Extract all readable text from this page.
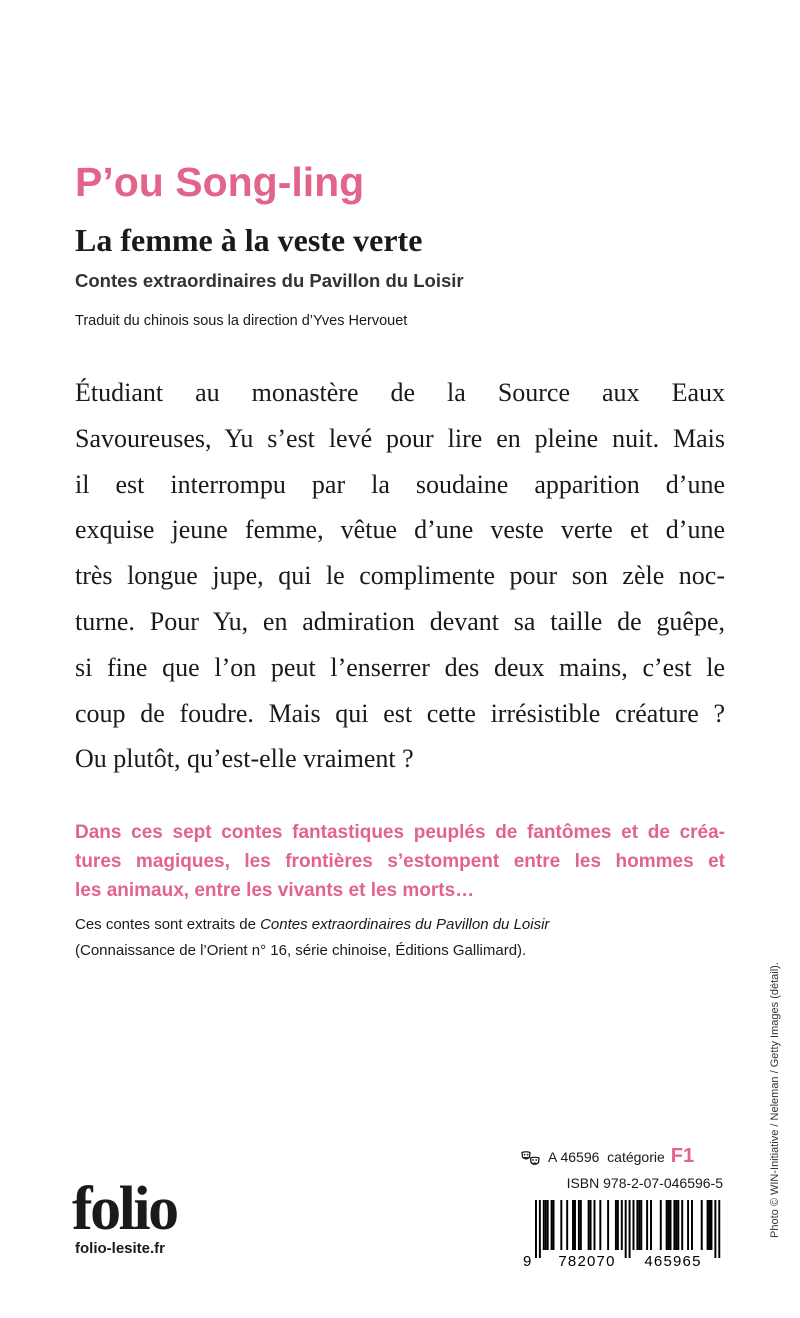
P’ou Song-ling
La femme à la veste verte

Contes extraordinaires du Pavillon du Loisir

Traduit du chinois sous la direction d’Yves Hervouet

Étudiant au monastère de la Source aux Eaux
Savoureuses, Yu s’est levé pour lire en pleine nuit. Mais
il est interrompu par la soudaine apparition d’une
exquise jeune femme, vêtue d’une veste verte et d’une
très longue jupe, qui le complimente pour son zèle noc-
turne. Pour Yu, en admiration devant sa taille de guêpe,
si fine que l’on peut l’enserrer des deux mains, c’est le
coup de foudre. Mais qui est cette irrésistible créature ?
Ou plutôt, qu’est-elle vraiment ?
Dans ces sept contes fantastiques peuplés de fantômes et de créa-
tures magiques, les frontières s’estompent entre les hommes et
les animaux, entre les vivants et les morts…
Ces contes sont extraits de Contes extraordinaires du Pavillon du Loisir
(Connaissance de l’Orient n° 16, série chinoise, Éditions Gallimard).
Photo © WIN-Initiative / Neleman / Getty Images (détail).
folio
folio-lesite.fr
A 46596
catégorie F1
ISBN 978-2-07-046596-5
9 782070 465965
